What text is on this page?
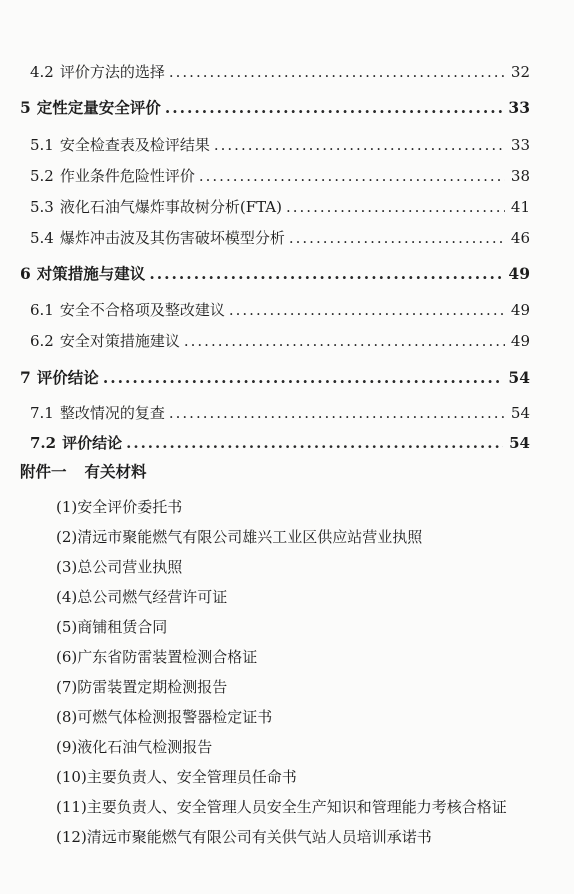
4.2 评价方法的选择 .....	32
5 定性定量安全评价 .....	33
5.1 安全检查表及检评结果 .....	33
5.2 作业条件危险性评价 .....	38
5.3 液化石油气爆炸事故树分析(FTA) .....	41
5.4 爆炸冲击波及其伤害破坏模型分析 .....	46
6 对策措施与建议 .....	49
6.1 安全不合格项及整改建议 .....	49
6.2 安全对策措施建议 .....	49
7 评价结论 .....	54
7.1 整改情况的复查 .....	54
7.2 评价结论 .....	54
附件一 有关材料
(1)安全评价委托书
(2)清远市聚能燃气有限公司雄兴工业区供应站营业执照
(3)总公司营业执照
(4)总公司燃气经营许可证
(5)商铺租赁合同
(6)广东省防雷装置检测合格证
(7)防雷装置定期检测报告
(8)可燃气体检测报警器检定证书
(9)液化石油气检测报告
(10)主要负责人、安全管理员任命书
(11)主要负责人、安全管理人员安全生产知识和管理能力考核合格证
(12)清远市聚能燃气有限公司有关供气站人员培训承诺书
